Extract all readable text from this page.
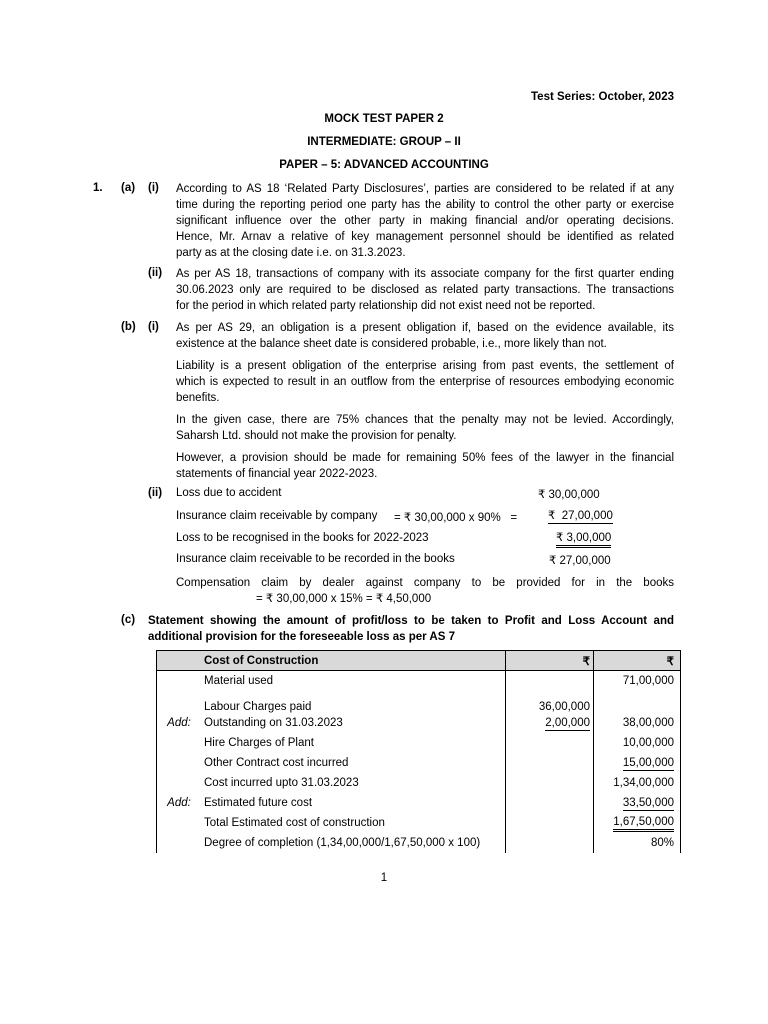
Test Series: October, 2023
MOCK TEST PAPER 2
INTERMEDIATE: GROUP – II
PAPER – 5: ADVANCED ACCOUNTING
1. (a) (i) According to AS 18 ‘Related Party Disclosures’, parties are considered to be related if at any
time during the reporting period one party has the ability to control the other party or exercise
significant influence over the other party in making financial and/or operating decisions.
Hence, Mr. Arnav a relative of key management personnel should be identified as related
party as at the closing date i.e. on 31.3.2023.
(ii) As per AS 18, transactions of company with its associate company for the first quarter ending
30.06.2023 only are required to be disclosed as related party transactions. The transactions
for the period in which related party relationship did not exist need not be reported.
(b) (i) As per AS 29, an obligation is a present obligation if, based on the evidence available, its
existence at the balance sheet date is considered probable, i.e., more likely than not.
Liability is a present obligation of the enterprise arising from past events, the settlement of
which is expected to result in an outflow from the enterprise of resources embodying economic
benefits.
In the given case, there are 75% chances that the penalty may not be levied. Accordingly,
Saharsh Ltd. should not make the provision for penalty.
However, a provision should be made for remaining 50% fees of the lawyer in the financial
statements of financial year 2022-2023.
(ii) Loss due to accident	₹ 30,00,000
Insurance claim receivable by company = ₹ 30,00,000 x 90%   =	₹  27,00,000
Loss to be recognised in the books for 2022-2023	₹ 3,00,000
Insurance claim receivable to be recorded in the books	₹ 27,00,000
Compensation claim by dealer against company to be provided for in the books
= ₹ 30,00,000 x 15% = ₹ 4,50,000
(c) Statement showing the amount of profit/loss to be taken to Profit and Loss Account and
additional provision for the foreseeable loss as per AS 7
	Cost of Construction	₹	₹
	Material used		71,00,000
	Labour Charges paid	36,00,000	
Add:	Outstanding on 31.03.2023	2,00,000	38,00,000
	Hire Charges of Plant		10,00,000
	Other Contract cost incurred		15,00,000
	Cost incurred upto 31.03.2023		1,34,00,000
Add:	Estimated future cost		33,50,000
	Total Estimated cost of construction		1,67,50,000
	Degree of completion (1,34,00,000/1,67,50,000 x 100)		80%
1
